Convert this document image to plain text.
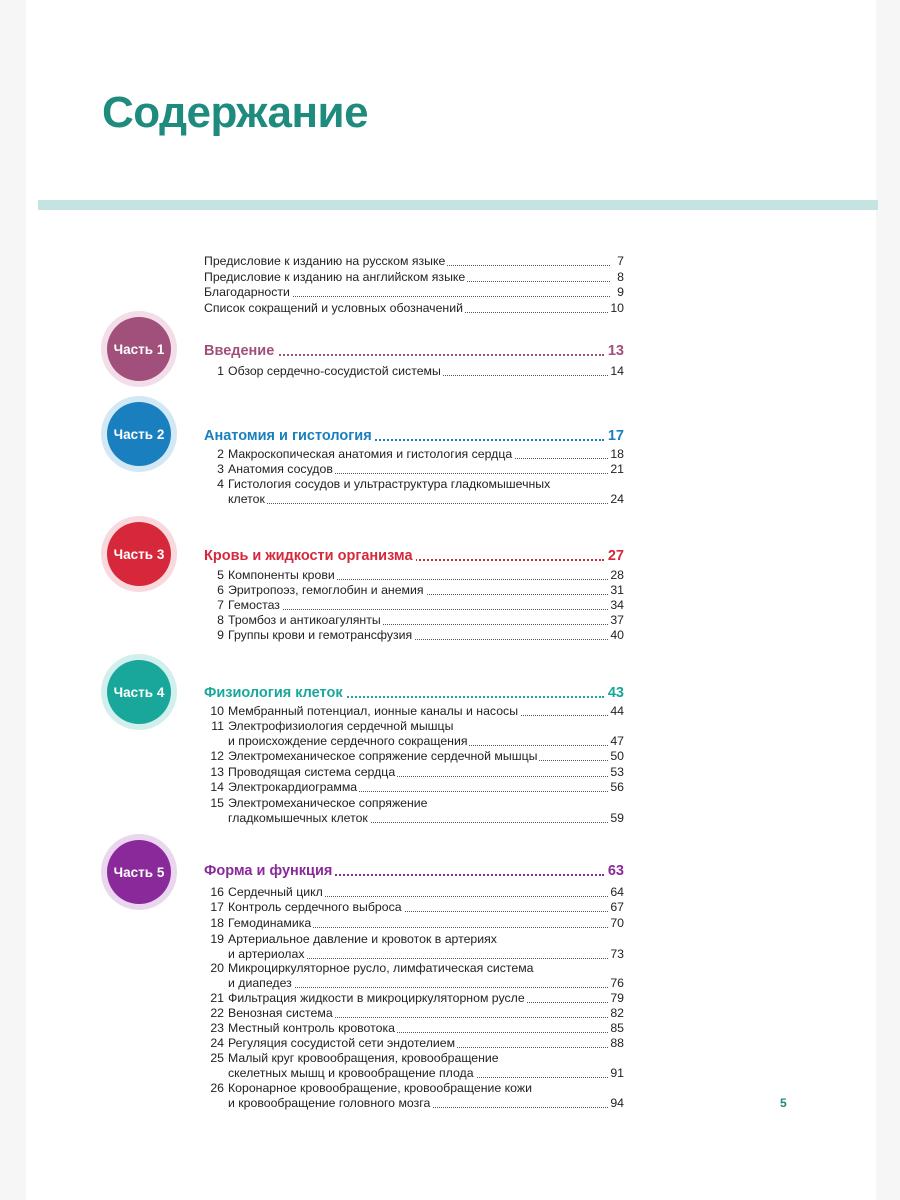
Содержание
Предисловие к изданию на русском языке	7
Предисловие к изданию на английском языке	8
Благодарности	9
Список сокращений и условных обозначений	10
Часть 1	Введение	13
1 Обзор сердечно-сосудистой системы	14
Часть 2	Анатомия и гистология	17
2 Макроскопическая анатомия и гистология сердца	18
3 Анатомия сосудов	21
4 Гистология сосудов и ультраструктура гладкомышечных
клеток	24
Часть 3	Кровь и жидкости организма	27
5 Компоненты крови	28
6 Эритропоэз, гемоглобин и анемия	31
7 Гемостаз	34
8 Тромбоз и антикоагулянты	37
9 Группы крови и гемотрансфузия	40
Часть 4	Физиология клеток	43
10 Мембранный потенциал, ионные каналы и насосы	44
11 Электрофизиология сердечной мышцы
и происхождение сердечного сокращения	47
12 Электромеханическое сопряжение сердечной мышцы	50
13 Проводящая система сердца	53
14 Электрокардиограмма	56
15 Электромеханическое сопряжение
гладкомышечных клеток	59
Часть 5	Форма и функция	63
16 Сердечный цикл	64
17 Контроль сердечного выброса	67
18 Гемодинамика	70
19 Артериальное давление и кровоток в артериях
и артериолах	73
20 Микроциркуляторное русло, лимфатическая система
и диапедез	76
21 Фильтрация жидкости в микроциркуляторном русле	79
22 Венозная система	82
23 Местный контроль кровотока	85
24 Регуляция сосудистой сети эндотелием	88
25 Малый круг кровообращения, кровообращение
скелетных мышц и кровообращение плода	91
26 Коронарное кровообращение, кровообращение кожи
и кровообращение головного мозга	94	5
